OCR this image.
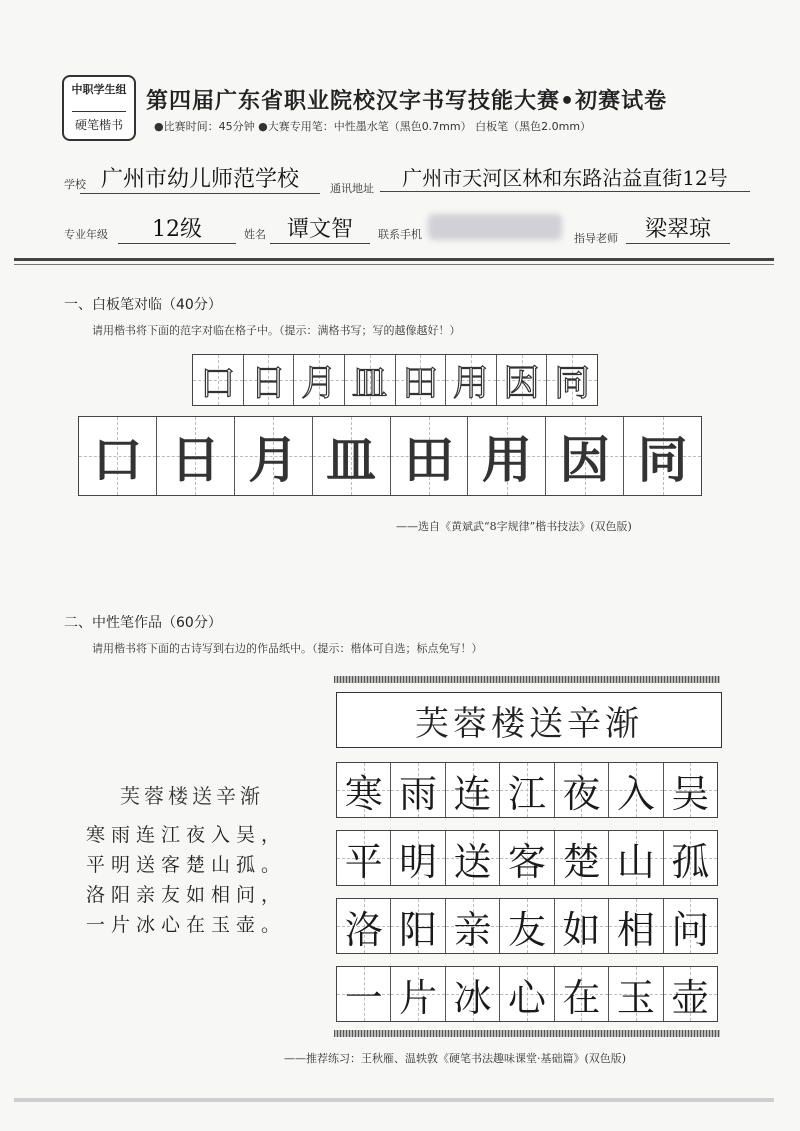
中职学生组
硬笔楷书
第四届广东省职业院校汉字书写技能大赛•初赛试卷
●比赛时间：45分钟 ●大赛专用笔：中性墨水笔（黑色0.7mm） 白板笔（黑色2.0mm）
学校 广州市幼儿师范学校	通讯地址	广州市天河区林和东路沾益直街12号
专业年级	12级	姓名 谭文智	联系手机	指导老师	梁翠琼
一、白板笔对临（40分）
请用楷书将下面的范字对临在格子中。（提示：满格书写；写的越像越好！）
口 日 月 皿 田 用 因 同
口 日 月 皿 田 用 因 同
——选自《黄斌武“8字规律”楷书技法》(双色版)
二、中性笔作品（60分）
请用楷书将下面的古诗写到右边的作品纸中。（提示：楷体可自选；标点免写！）
芙蓉楼送辛渐
寒雨连江夜入吴，
平明送客楚山孤。
洛阳亲友如相问，
一片冰心在玉壶。
芙蓉楼送辛渐
寒 雨 连 江 夜 入 吴
平 明 送 客 楚 山 孤
洛 阳 亲 友 如 相 问
一 片 冰 心 在 玉 壶
——推荐练习：王秋雁、温轶敦《硬笔书法趣味课堂·基础篇》(双色版)
